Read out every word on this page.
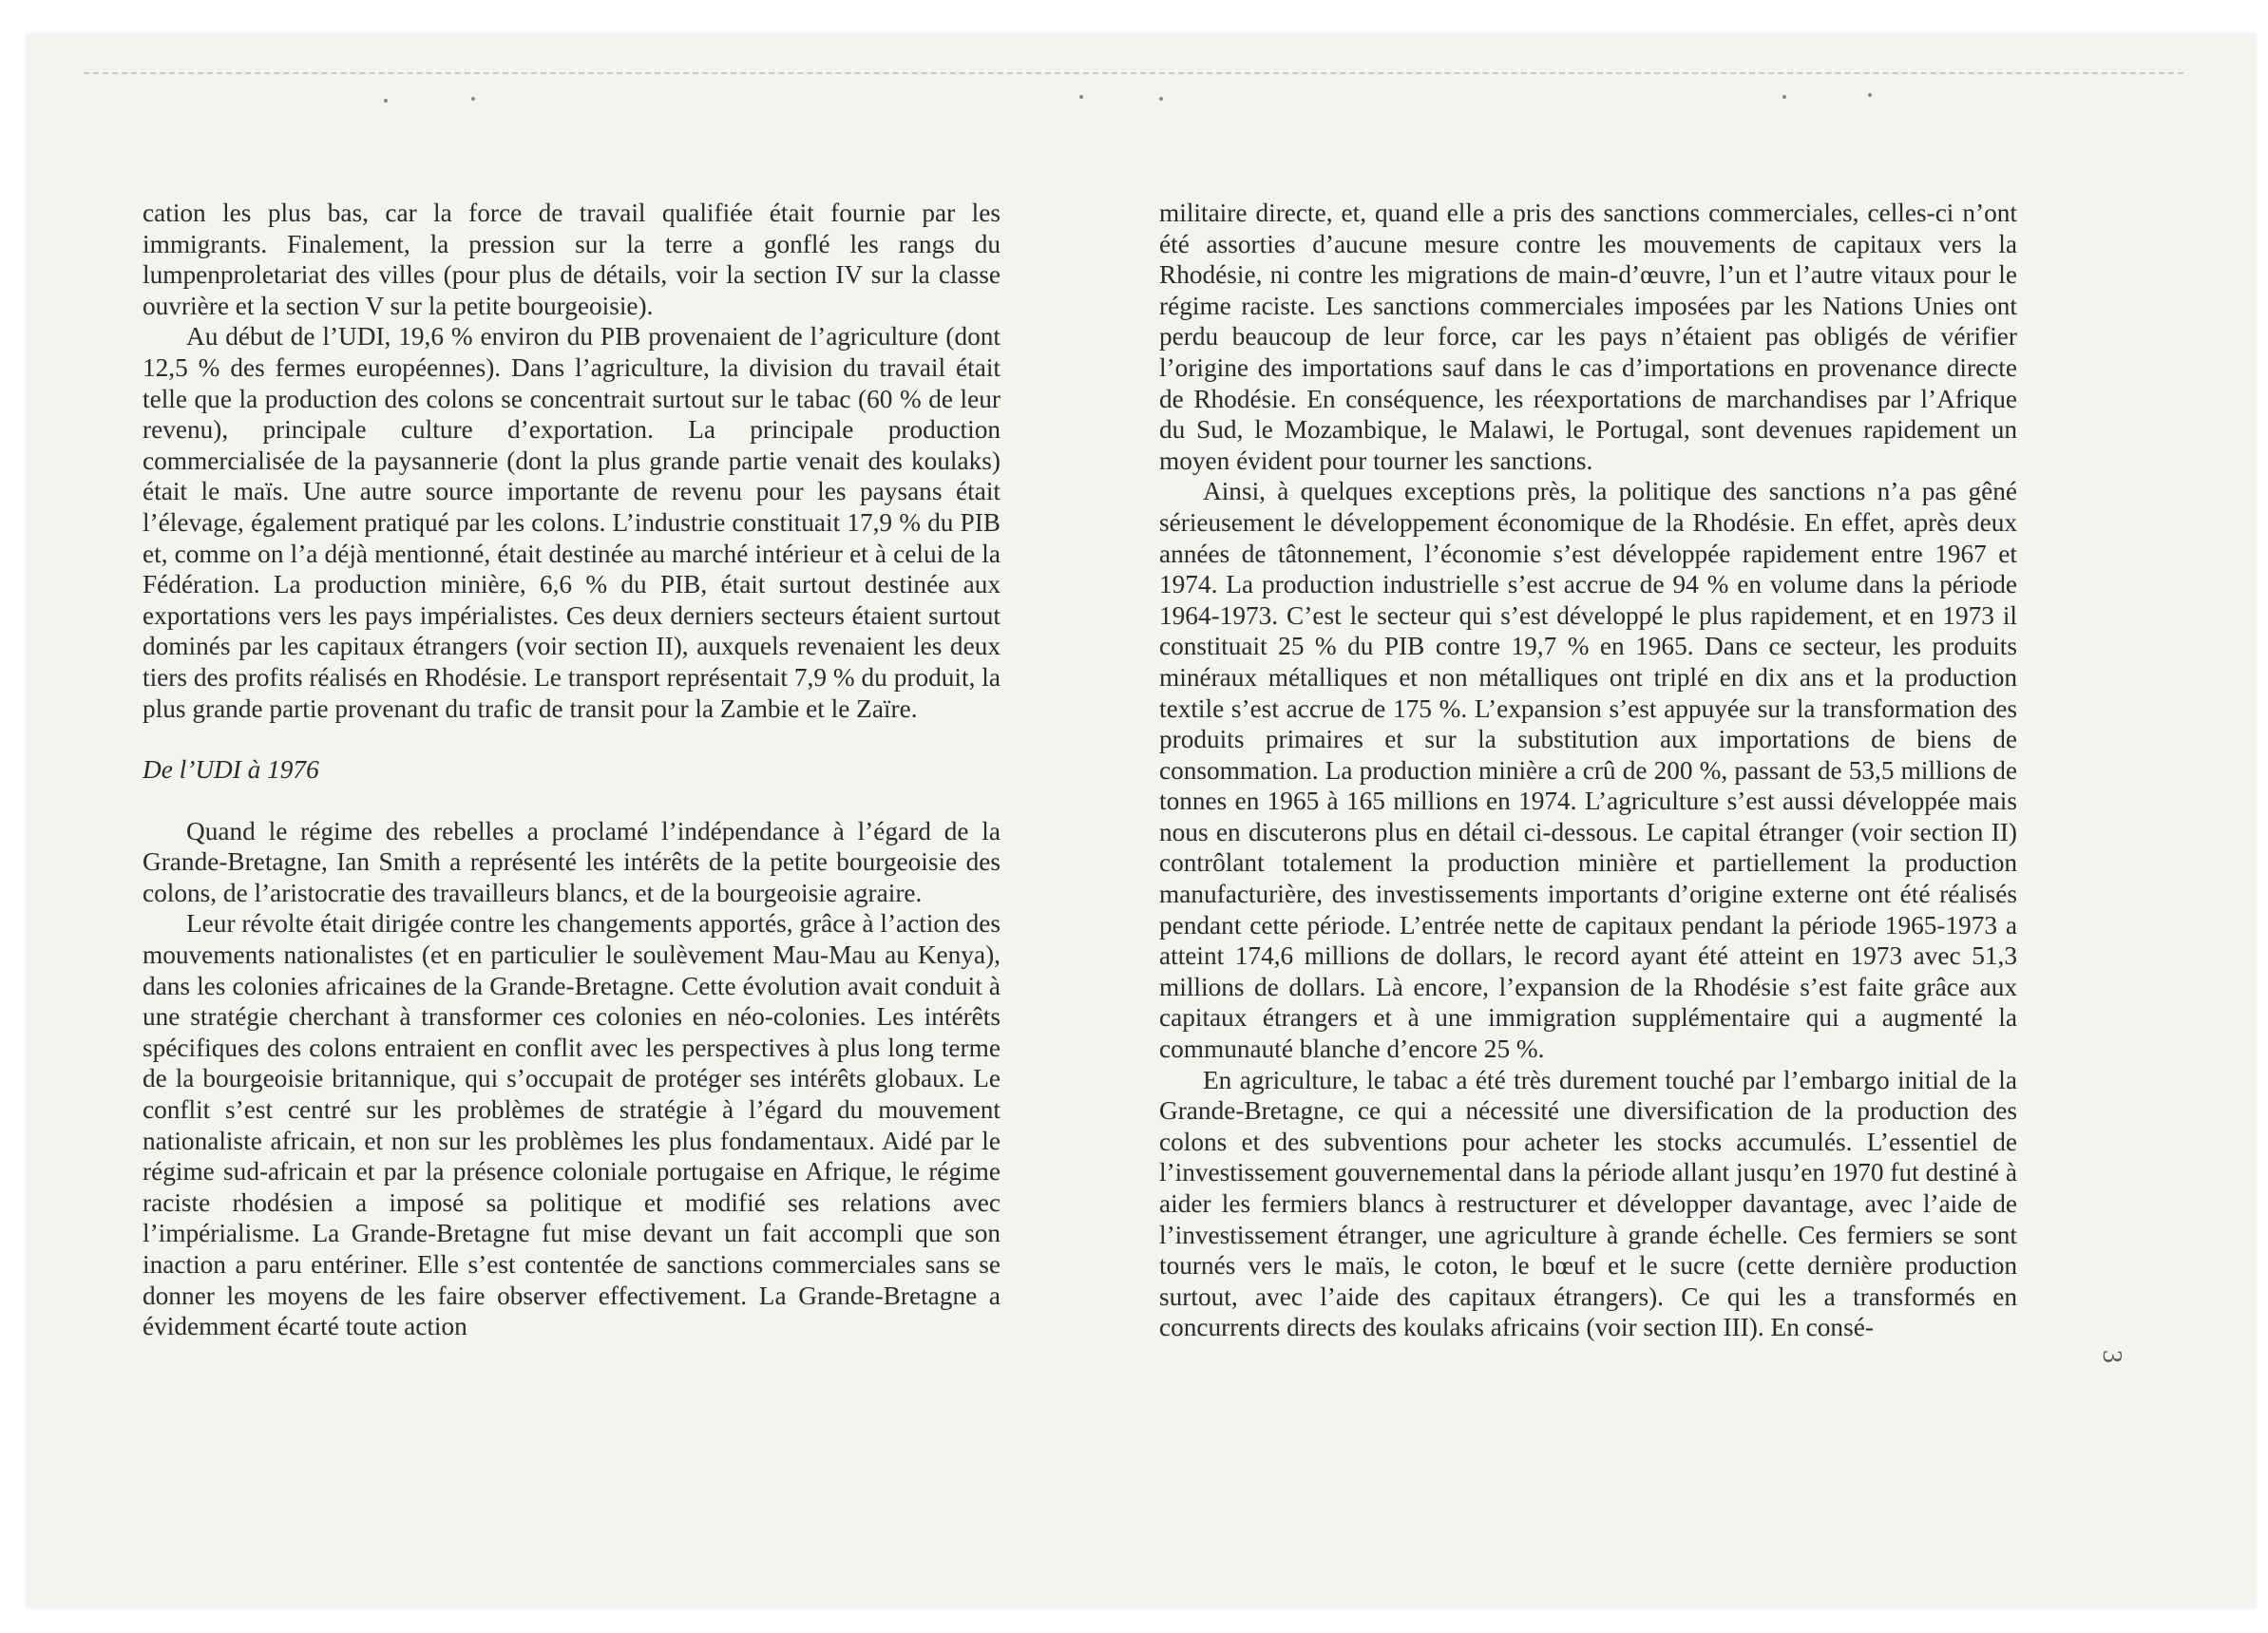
cation les plus bas, car la force de travail qualifiée était fournie par les immigrants. Finalement, la pression sur la terre a gonflé les rangs du lumpenproletariat des villes (pour plus de détails, voir la section IV sur la classe ouvrière et la section V sur la petite bourgeoisie).

Au début de l’UDI, 19,6 % environ du PIB provenaient de l’agriculture (dont 12,5 % des fermes européennes). Dans l’agriculture, la division du travail était telle que la production des colons se concentrait surtout sur le tabac (60 % de leur revenu), principale culture d’exportation. La principale production commercialisée de la paysannerie (dont la plus grande partie venait des koulaks) était le maïs. Une autre source importante de revenu pour les paysans était l’élevage, également pratiqué par les colons. L’industrie constituait 17,9 % du PIB et, comme on l’a déjà mentionné, était destinée au marché intérieur et à celui de la Fédération. La production minière, 6,6 % du PIB, était surtout destinée aux exportations vers les pays impérialistes. Ces deux derniers secteurs étaient surtout dominés par les capitaux étrangers (voir section II), auxquels revenaient les deux tiers des profits réalisés en Rhodésie. Le transport représentait 7,9 % du produit, la plus grande partie provenant du trafic de transit pour la Zambie et le Zaïre.

De l’UDI à 1976

Quand le régime des rebelles a proclamé l’indépendance à l’égard de la Grande-Bretagne, Ian Smith a représenté les intérêts de la petite bourgeoisie des colons, de l’aristocratie des travailleurs blancs, et de la bourgeoisie agraire.

Leur révolte était dirigée contre les changements apportés, grâce à l’action des mouvements nationalistes (et en particulier le soulèvement Mau-Mau au Kenya), dans les colonies africaines de la Grande-Bretagne. Cette évolution avait conduit à une stratégie cherchant à transformer ces colonies en néo-colonies. Les intérêts spécifiques des colons entraient en conflit avec les perspectives à plus long terme de la bourgeoisie britannique, qui s’occupait de protéger ses intérêts globaux. Le conflit s’est centré sur les problèmes de stratégie à l’égard du mouvement nationaliste africain, et non sur les problèmes les plus fondamentaux. Aidé par le régime sud-africain et par la présence coloniale portugaise en Afrique, le régime raciste rhodésien a imposé sa politique et modifié ses relations avec l’impérialisme. La Grande-Bretagne fut mise devant un fait accompli que son inaction a paru entériner. Elle s’est contentée de sanctions commerciales sans se donner les moyens de les faire observer effectivement. La Grande-Bretagne a évidemment écarté toute action

militaire directe, et, quand elle a pris des sanctions commerciales, celles-ci n’ont été assorties d’aucune mesure contre les mouvements de capitaux vers la Rhodésie, ni contre les migrations de main-d’œuvre, l’un et l’autre vitaux pour le régime raciste. Les sanctions commerciales imposées par les Nations Unies ont perdu beaucoup de leur force, car les pays n’étaient pas obligés de vérifier l’origine des importations sauf dans le cas d’importations en provenance directe de Rhodésie. En conséquence, les réexportations de marchandises par l’Afrique du Sud, le Mozambique, le Malawi, le Portugal, sont devenues rapidement un moyen évident pour tourner les sanctions.

Ainsi, à quelques exceptions près, la politique des sanctions n’a pas gêné sérieusement le développement économique de la Rhodésie. En effet, après deux années de tâtonnement, l’économie s’est développée rapidement entre 1967 et 1974. La production industrielle s’est accrue de 94 % en volume dans la période 1964-1973. C’est le secteur qui s’est développé le plus rapidement, et en 1973 il constituait 25 % du PIB contre 19,7 % en 1965. Dans ce secteur, les produits minéraux métalliques et non métalliques ont triplé en dix ans et la production textile s’est accrue de 175 %. L’expansion s’est appuyée sur la transformation des produits primaires et sur la substitution aux importations de biens de consommation. La production minière a crû de 200 %, passant de 53,5 millions de tonnes en 1965 à 165 millions en 1974. L’agriculture s’est aussi développée mais nous en discuterons plus en détail ci-dessous. Le capital étranger (voir section II) contrôlant totalement la production minière et partiellement la production manufacturière, des investissements importants d’origine externe ont été réalisés pendant cette période. L’entrée nette de capitaux pendant la période 1965-1973 a atteint 174,6 millions de dollars, le record ayant été atteint en 1973 avec 51,3 millions de dollars. Là encore, l’expansion de la Rhodésie s’est faite grâce aux capitaux étrangers et à une immigration supplémentaire qui a augmenté la communauté blanche d’encore 25 %.

En agriculture, le tabac a été très durement touché par l’embargo initial de la Grande-Bretagne, ce qui a nécessité une diversification de la production des colons et des subventions pour acheter les stocks accumulés. L’essentiel de l’investissement gouvernemental dans la période allant jusqu’en 1970 fut destiné à aider les fermiers blancs à restructurer et développer davantage, avec l’aide de l’investissement étranger, une agriculture à grande échelle. Ces fermiers se sont tournés vers le maïs, le coton, le bœuf et le sucre (cette dernière production surtout, avec l’aide des capitaux étrangers). Ce qui les a transformés en concurrents directs des koulaks africains (voir section III). En consé-

3
